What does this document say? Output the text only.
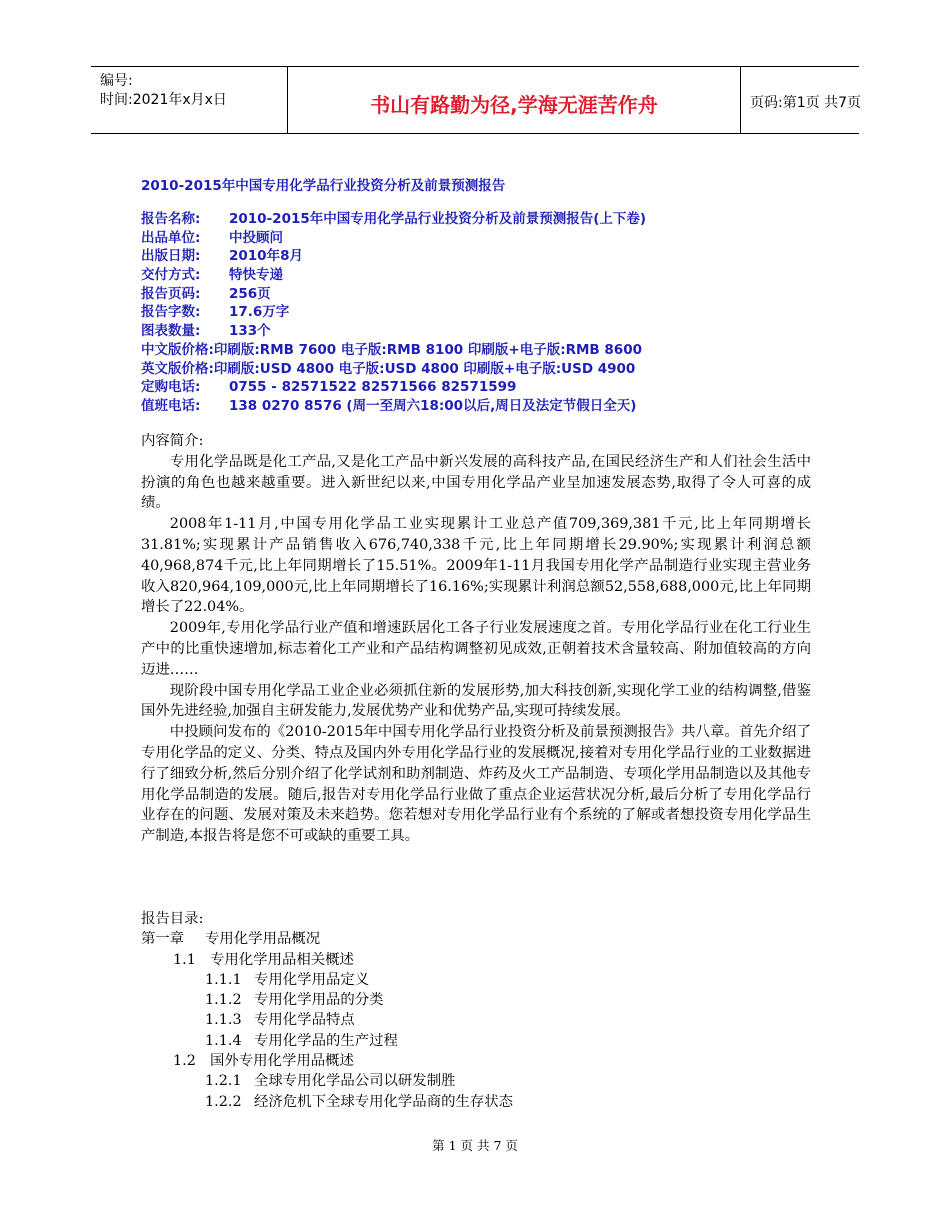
编号:
时间:2021年x月x日	书山有路勤为径,学海无涯苦作舟	页码:第1页 共7页
2010-2015年中国专用化学品行业投资分析及前景预测报告
报告名称: 2010-2015年中国专用化学品行业投资分析及前景预测报告(上下卷)
出品单位: 中投顾问
出版日期: 2010年8月
交付方式: 特快专递
报告页码: 256页
报告字数: 17.6万字
图表数量: 133个
中文版价格:印刷版:RMB 7600 电子版:RMB 8100 印刷版+电子版:RMB 8600
英文版价格:印刷版:USD 4800 电子版:USD 4800 印刷版+电子版:USD 4900
定购电话: 0755 - 82571522 82571566 82571599
值班电话: 138 0270 8576 (周一至周六18:00以后,周日及法定节假日全天)

内容简介:

专用化学品既是化工产品,又是化工产品中新兴发展的高科技产品,在国民经济生产和人们社会生活中扮演的角色也越来越重要。进入新世纪以来,中国专用化学品产业呈加速发展态势,取得了令人可喜的成绩。

2008年1-11月,中国专用化学品工业实现累计工业总产值709,369,381千元,比上年同期增长31.81%;实现累计产品销售收入676,740,338千元,比上年同期增长29.90%;实现累计利润总额40,968,874千元,比上年同期增长了15.51%。2009年1-11月我国专用化学产品制造行业实现主营业务收入820,964,109,000元,比上年同期增长了16.16%;实现累计利润总额52,558,688,000元,比上年同期增长了22.04%。

2009年,专用化学品行业产值和增速跃居化工各子行业发展速度之首。专用化学品行业在化工行业生产中的比重快速增加,标志着化工产业和产品结构调整初见成效,正朝着技术含量较高、附加值较高的方向迈进……

现阶段中国专用化学品工业企业必须抓住新的发展形势,加大科技创新,实现化学工业的结构调整,借鉴国外先进经验,加强自主研发能力,发展优势产业和优势产品,实现可持续发展。

中投顾问发布的《2010-2015年中国专用化学品行业投资分析及前景预测报告》共八章。首先介绍了专用化学品的定义、分类、特点及国内外专用化学品行业的发展概况,接着对专用化学品行业的工业数据进行了细致分析,然后分别介绍了化学试剂和助剂制造、炸药及火工产品制造、专项化学用品制造以及其他专用化学品制造的发展。随后,报告对专用化学品行业做了重点企业运营状况分析,最后分析了专用化学品行业存在的问题、发展对策及未来趋势。您若想对专用化学品行业有个系统的了解或者想投资专用化学品生产制造,本报告将是您不可或缺的重要工具。

报告目录:
第一章 专用化学用品概况
1.1 专用化学用品相关概述
1.1.1 专用化学用品定义
1.1.2 专用化学用品的分类
1.1.3 专用化学品特点
1.1.4 专用化学品的生产过程
1.2 国外专用化学用品概述
1.2.1 全球专用化学品公司以研发制胜
1.2.2 经济危机下全球专用化学品商的生存状态
第 1 页 共 7 页
